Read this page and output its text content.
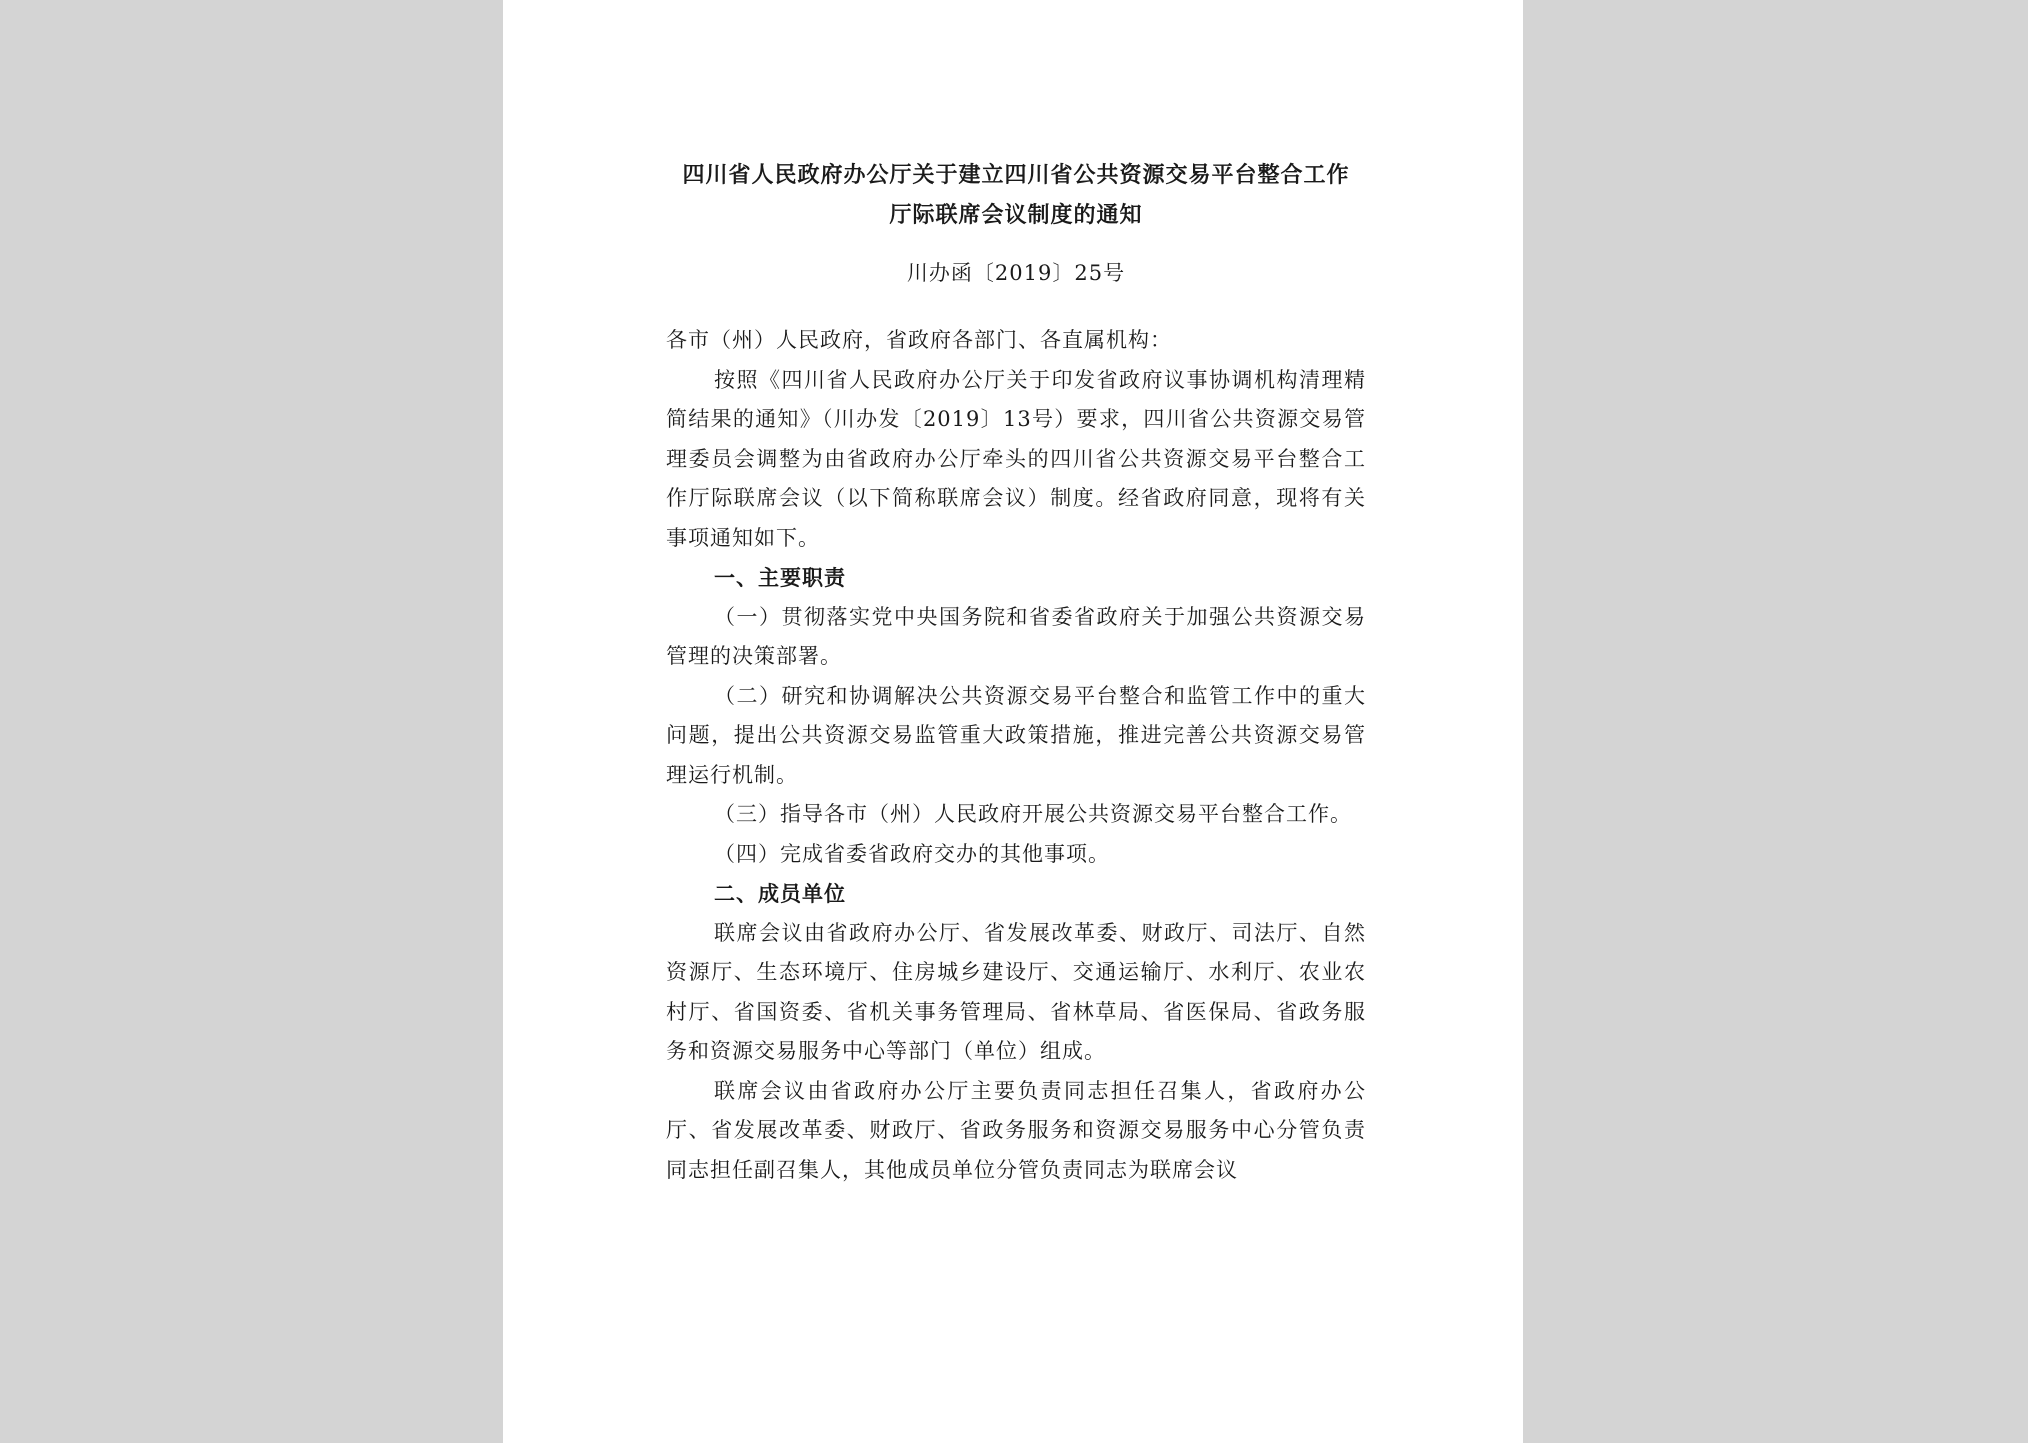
四川省人民政府办公厅关于建立四川省公共资源交易平台整合工作

厅际联席会议制度的通知

川办函〔2019〕25号
各市（州）人民政府，省政府各部门、各直属机构：

按照《四川省人民政府办公厅关于印发省政府议事协调机构清理精简结果的通知》（川办发〔2019〕13号）要求，四川省公共资源交易管理委员会调整为由省政府办公厅牵头的四川省公共资源交易平台整合工作厅际联席会议（以下简称联席会议）制度。经省政府同意，现将有关事项通知如下。

一、主要职责

（一）贯彻落实党中央国务院和省委省政府关于加强公共资源交易管理的决策部署。

（二）研究和协调解决公共资源交易平台整合和监管工作中的重大问题，提出公共资源交易监管重大政策措施，推进完善公共资源交易管理运行机制。

（三）指导各市（州）人民政府开展公共资源交易平台整合工作。

（四）完成省委省政府交办的其他事项。

二、成员单位

联席会议由省政府办公厅、省发展改革委、财政厅、司法厅、自然资源厅、生态环境厅、住房城乡建设厅、交通运输厅、水利厅、农业农村厅、省国资委、省机关事务管理局、省林草局、省医保局、省政务服务和资源交易服务中心等部门（单位）组成。

联席会议由省政府办公厅主要负责同志担任召集人，省政府办公厅、省发展改革委、财政厅、省政务服务和资源交易服务中心分管负责同志担任副召集人，其他成员单位分管负责同志为联席会议
